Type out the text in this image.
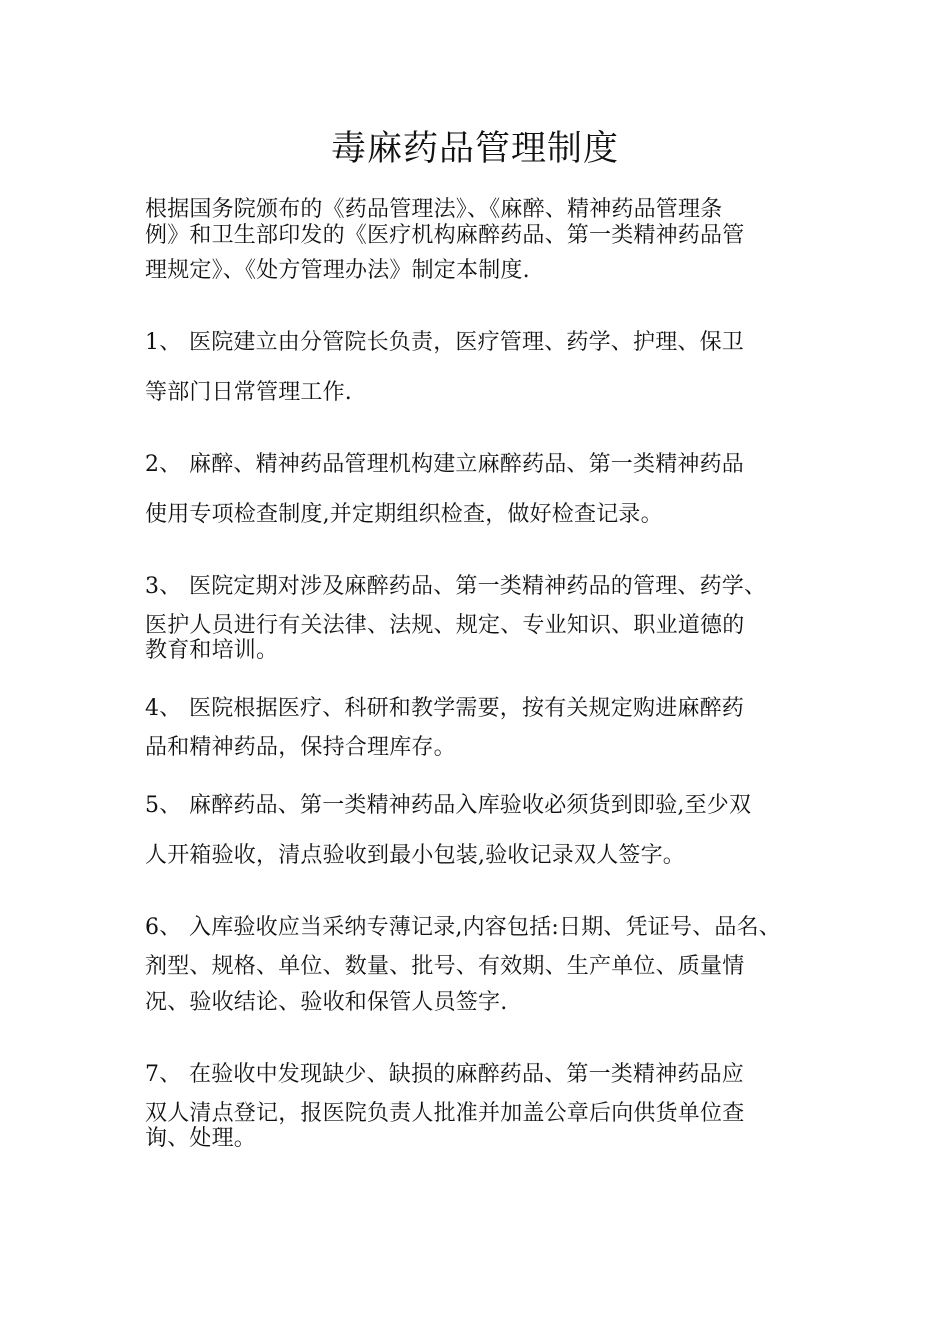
毒麻药品管理制度
根据国务院颁布的《药品管理法》、《麻醉、精神药品管理条
例》和卫生部印发的《医疗机构麻醉药品、第一类精神药品管
理规定》、《处方管理办法》制定本制度.
1、 医院建立由分管院长负责，医疗管理、药学、护理、保卫
等部门日常管理工作.
2、 麻醉、精神药品管理机构建立麻醉药品、第一类精神药品
使用专项检查制度,并定期组织检查，做好检查记录。
3、 医院定期对涉及麻醉药品、第一类精神药品的管理、药学、
医护人员进行有关法律、法规、规定、专业知识、职业道德的
教育和培训。
4、 医院根据医疗、科研和教学需要，按有关规定购进麻醉药
品和精神药品，保持合理库存。
5、 麻醉药品、第一类精神药品入库验收必须货到即验,至少双
人开箱验收，清点验收到最小包装,验收记录双人签字。
6、 入库验收应当采纳专薄记录,内容包括:日期、凭证号、品名、
剂型、规格、单位、数量、批号、有效期、生产单位、质量情
况、验收结论、验收和保管人员签字.
7、 在验收中发现缺少、缺损的麻醉药品、第一类精神药品应
双人清点登记，报医院负责人批准并加盖公章后向供货单位查
询、处理。
